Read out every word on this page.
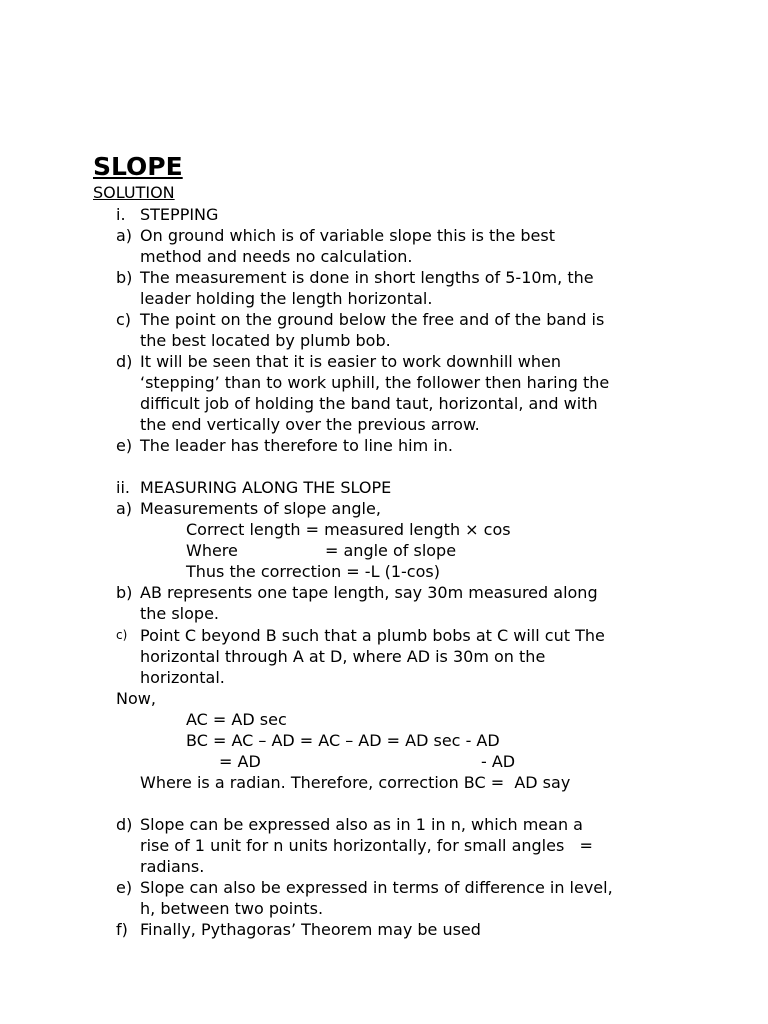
SLOPE
SOLUTION
i. STEPPING
a) On ground which is of variable slope this is the best
method and needs no calculation.
b) The measurement is done in short lengths of 5-10m, the
leader holding the length horizontal.
c) The point on the ground below the free and of the band is
the best located by plumb bob.
d) It will be seen that it is easier to work downhill when
‘stepping’ than to work uphill, the follower then haring the
difficult job of holding the band taut, horizontal, and with
the end vertically over the previous arrow.
e) The leader has therefore to line him in.
ii. MEASURING ALONG THE SLOPE
a) Measurements of slope angle,
Correct length = measured length × cos
Where	= angle of slope
Thus the correction = -L (1-cos)
b) AB represents one tape length, say 30m measured along
the slope.
c) Point C beyond B such that a plumb bobs at C will cut The
horizontal through A at D, where AD is 30m on the
horizontal.
Now,
AC = AD sec
BC = AC – AD = AC – AD = AD sec - AD
= AD	- AD
Where is a radian. Therefore, correction BC =  AD say
d) Slope can be expressed also as in 1 in n, which mean a
rise of 1 unit for n units horizontally, for small angles   =
radians.
e) Slope can also be expressed in terms of difference in level,
h, between two points.
f) Finally, Pythagoras’ Theorem may be used
